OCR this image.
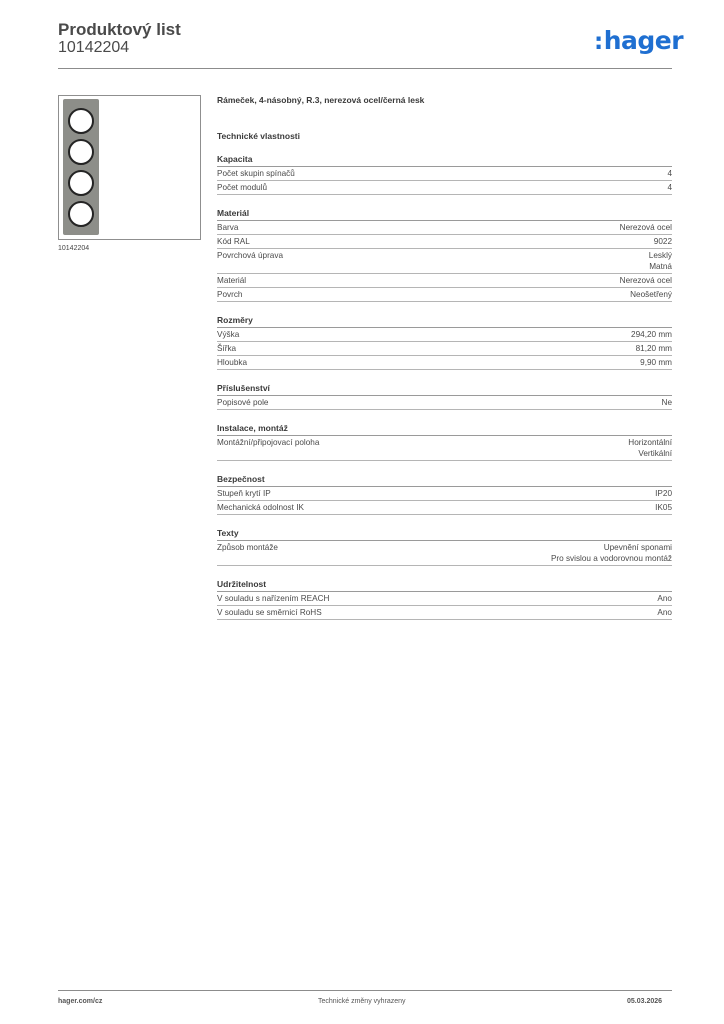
Produktový list
10142204	:hager
10142204
Rámeček, 4-násobný, R.3, nerezová ocel/černá lesk
Technické vlastnosti
Kapacita
Počet skupin spínačů	4
Počet modulů	4
Materiál
Barva	Nerezová ocel
Kód RAL	9022
Povrchová úprava	Lesklý
Matná
Materiál	Nerezová ocel
Povrch	Neošetřený
Rozměry
Výška	294,20 mm
Šířka	81,20 mm
Hloubka	9,90 mm
Příslušenství
Popisové pole	Ne
Instalace, montáž
Montážní/připojovací poloha	Horizontální
Vertikální
Bezpečnost
Stupeň krytí IP	IP20
Mechanická odolnost IK	IK05
Texty
Způsob montáže	Upevnění sponami
Pro svislou a vodorovnou montáž
Udržitelnost
V souladu s nařízením REACH	Ano
V souladu se směrnicí RoHS	Ano
hager.com/cz	Technické změny vyhrazeny	05.03.2026
